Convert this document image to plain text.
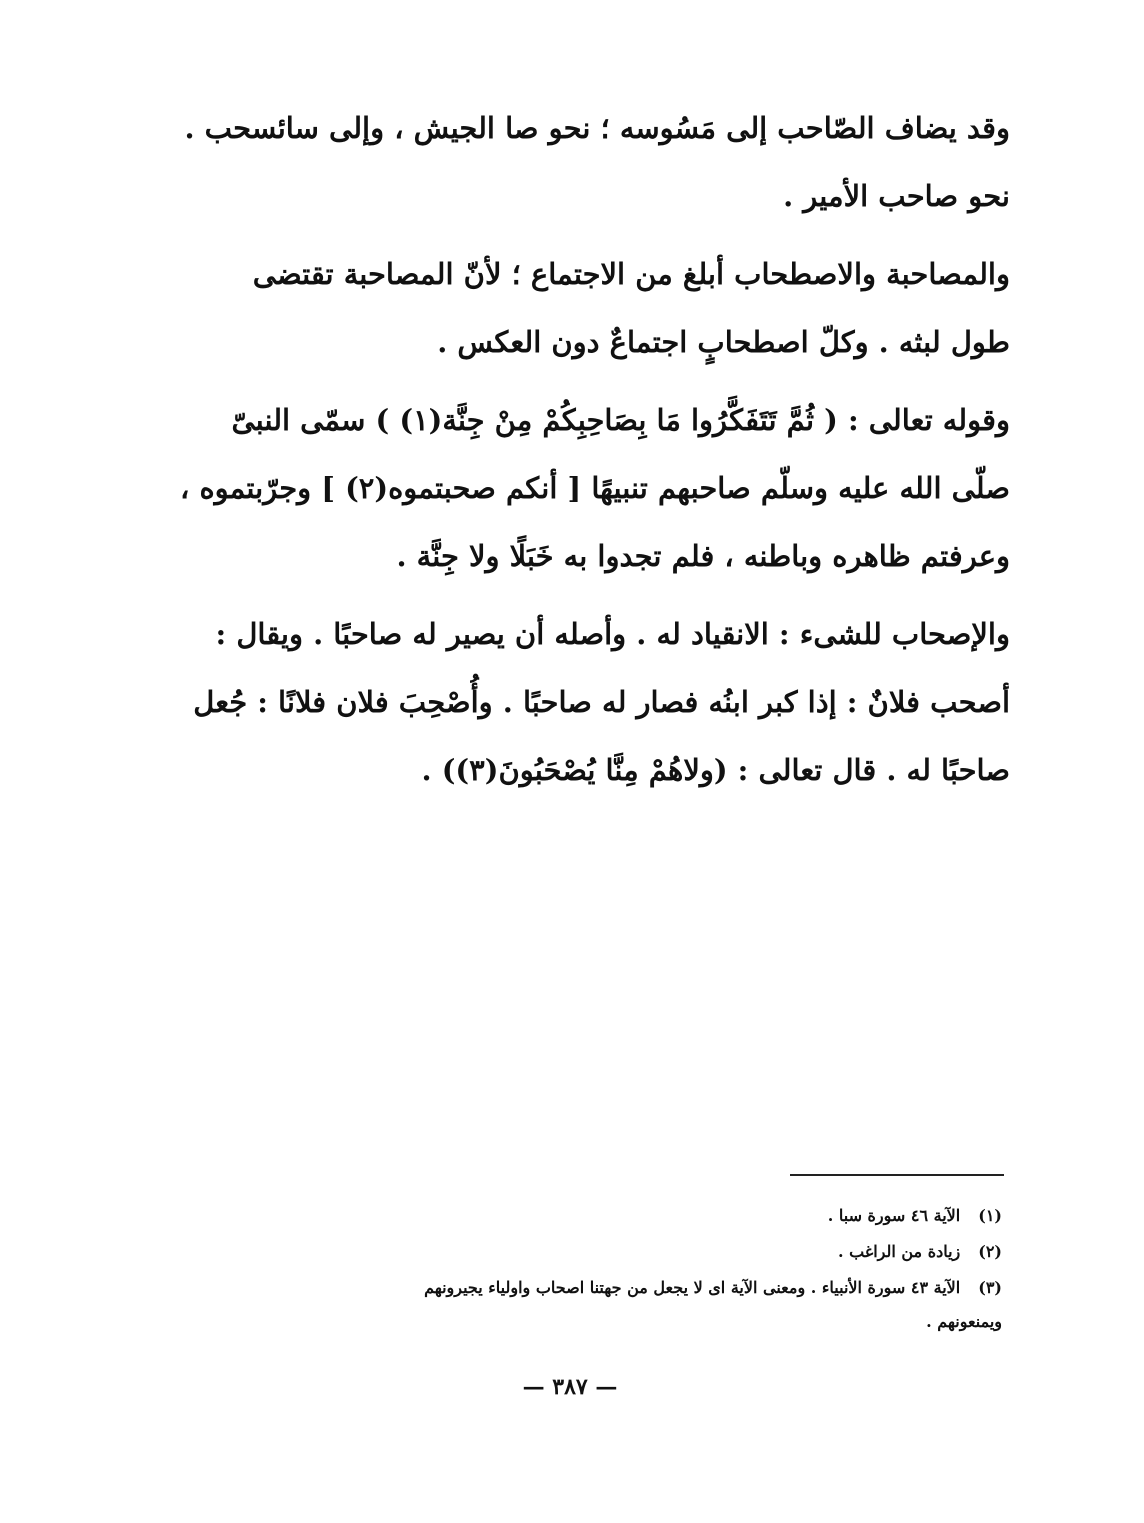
وقد يضاف الصّاحب إلى مَسُوسه ؛ نحو صا الجيش ، وإلى سائسحب .
نحو صاحب الأمير .
والمصاحبة والاصطحاب أبلغ من الاجتماع ؛ لأنّ المصاحبة تقتضى
طول لبثه . وكلّ اصطحابٍ اجتماعٌ دون العكس .
وقوله تعالى : ( ثُمَّ تَتَفَكَّرُوا مَا بِصَاحِبِكُمْ مِنْ جِنَّة(١) ) سمّى النبىّ
صلّى الله عليه وسلّم صاحبهم تنبيهًا [ أنكم صحبتموه(٢) ] وجرّبتموه ،
وعرفتم ظاهره وباطنه ، فلم تجدوا به خَبَلًا ولا جِنَّة .
والإصحاب للشىء : الانقياد له . وأصله أن يصير له صاحبًا . ويقال :
أصحب فلانٌ : إذا كبر ابنُه فصار له صاحبًا . وأُصْحِبَ فلان فلانًا : جُعل
صاحبًا له . قال تعالى : (ولاهُمْ مِنَّا يُصْحَبُونَ(٣)) .
(١)الآية ٤٦ سورة سبا .
(٢)زيادة من الراغب .
(٣)الآية ٤٣ سورة الأنبياء . ومعنى الآية اى لا يجعل من جهتنا اصحاب واولياء يجيرونهم
ويمنعونهم .
— ٣٨٧ —
